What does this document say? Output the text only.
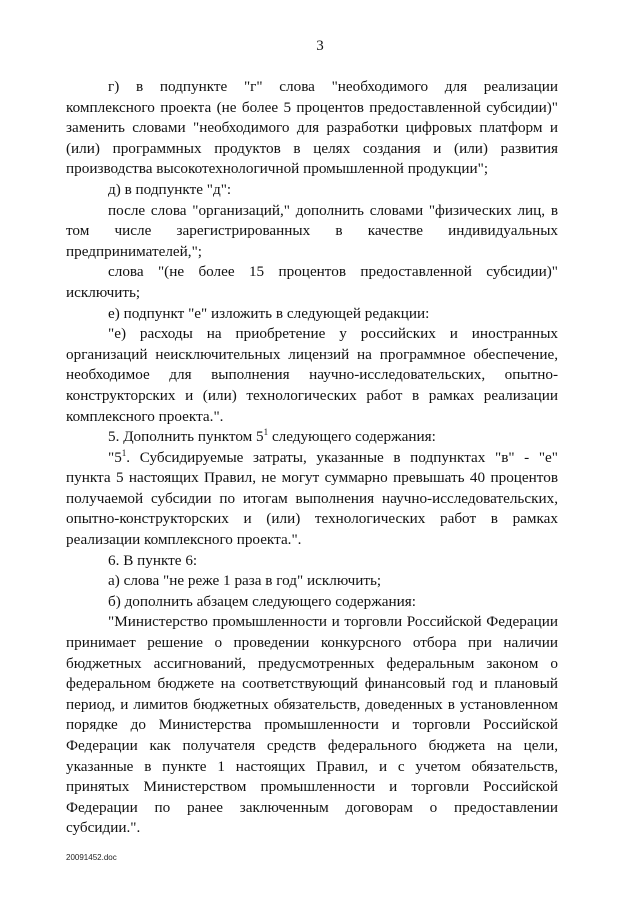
3

г) в подпункте "г" слова "необходимого для реализации комплексного проекта (не более 5 процентов предоставленной субсидии)" заменить словами "необходимого для разработки цифровых платформ и (или) программных продуктов в целях создания и (или) развития производства высокотехнологичной промышленной продукции";

д) в подпункте "д":

после слова "организаций," дополнить словами "физических лиц, в том числе зарегистрированных в качестве индивидуальных предпринимателей,";

слова "(не более 15 процентов предоставленной субсидии)" исключить;

е) подпункт "е" изложить в следующей редакции:

"е) расходы на приобретение у российских и иностранных организаций неисключительных лицензий на программное обеспечение, необходимое для выполнения научно-исследовательских, опытно-конструкторских и (или) технологических работ в рамках реализации комплексного проекта.".

5. Дополнить пунктом $5^1$ следующего содержания:

"$5^1$. Субсидируемые затраты, указанные в подпунктах "в" - "е" пункта 5 настоящих Правил, не могут суммарно превышать 40 процентов получаемой субсидии по итогам выполнения научно-исследовательских, опытно-конструкторских и (или) технологических работ в рамках реализации комплексного проекта.".

6. В пункте 6:

а) слова "не реже 1 раза в год" исключить;

б) дополнить абзацем следующего содержания:

"Министерство промышленности и торговли Российской Федерации принимает решение о проведении конкурсного отбора при наличии бюджетных ассигнований, предусмотренных федеральным законом о федеральном бюджете на соответствующий финансовый год и плановый период, и лимитов бюджетных обязательств, доведенных в установленном порядке до Министерства промышленности и торговли Российской Федерации как получателя средств федерального бюджета на цели, указанные в пункте 1 настоящих Правил, и с учетом обязательств, принятых Министерством промышленности и торговли Российской Федерации по ранее заключенным договорам о предоставлении субсидии.".

20091452.doc
